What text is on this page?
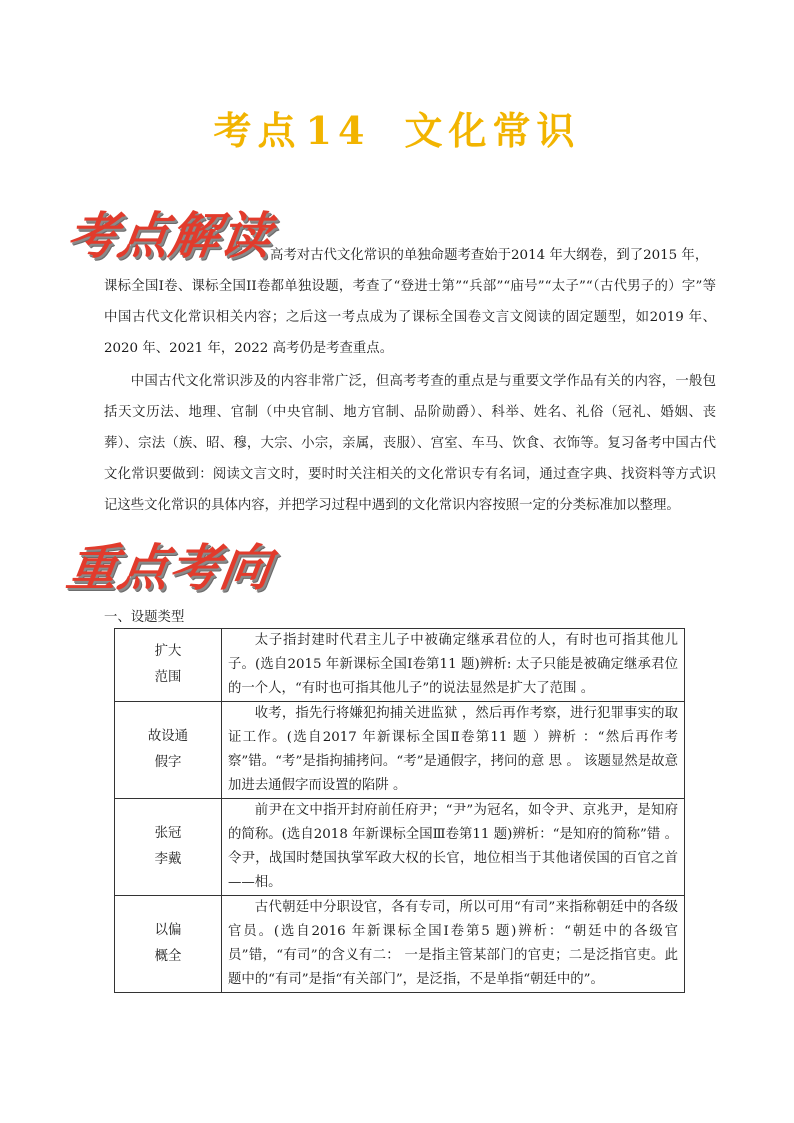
考点 14 文化常识
考点解读
高考对古代文化常识的单独命题考查始于2014 年大纲卷，到了2015 年，
课标全国I卷、课标全国II卷都单独设题，考查了“登进士第”“兵部”“庙号”“太子”“（古代男子的）字”等中国古代文化常识相关内容；之后这一考点成为了课标全国卷文言文阅读的固定题型，如2019 年、2020 年、2021 年，2022 高考仍是考查重点。
中国古代文化常识涉及的内容非常广泛，但高考考查的重点是与重要文学作品有关的内容，一般包括天文历法、地理、官制（中央官制、地方官制、品阶勋爵）、科举、姓名、礼俗（冠礼、婚姻、丧葬）、宗法（族、昭、穆，大宗、小宗，亲属，丧服）、宫室、车马、饮食、衣饰等。复习备考中国古代文化常识要做到：阅读文言文时，要时时关注相关的文化常识专有名词，通过查字典、找资料等方式识记这些文化常识的具体内容，并把学习过程中遇到的文化常识内容按照一定的分类标准加以整理。
重点考向
一、设题类型
扩大
范围	太子指封建时代君主儿子中被确定继承君位的人，有时也可指其他儿子。(选自2015 年新课标全国Ⅰ卷第11 题)辨析: 太子只能是被确定继承君位的一个人，“有时也可指其他儿子”的说法显然是扩大了范围 。

故设通
假字	收考，指先行将嫌犯拘捕关进监狱 ，然后再作考察，进行犯罪事实的取证工作。(选自2017 年新课标全国Ⅱ卷第11 题 ）辨析 ：“然后再作考察”错。“考”是指拘捕拷问。“考”是通假字，拷问的意 思 。 该题显然是故意加进去通假字而设置的陷阱 。

张冠
李戴	前尹在文中指开封府前任府尹；“尹”为冠名，如令尹、京兆尹，是知府的简称。(选自2018 年新课标全国Ⅲ卷第11 题)辨析：“是知府的简称”错 。令尹，战国时楚国执掌军政大权的长官，地位相当于其他诸侯国的百官之首——相。

以偏
概全	古代朝廷中分职设官，各有专司，所以可用“有司”来指称朝廷中的各级官员。(选自2016 年新课标全国Ⅰ卷第5 题)辨析：“朝廷中的各级官员”错，“有司”的含义有二： 一是指主管某部门的官吏；二是泛指官吏。此题中的“有司”是指“有关部门”，是泛指，不是单指“朝廷中的”。
